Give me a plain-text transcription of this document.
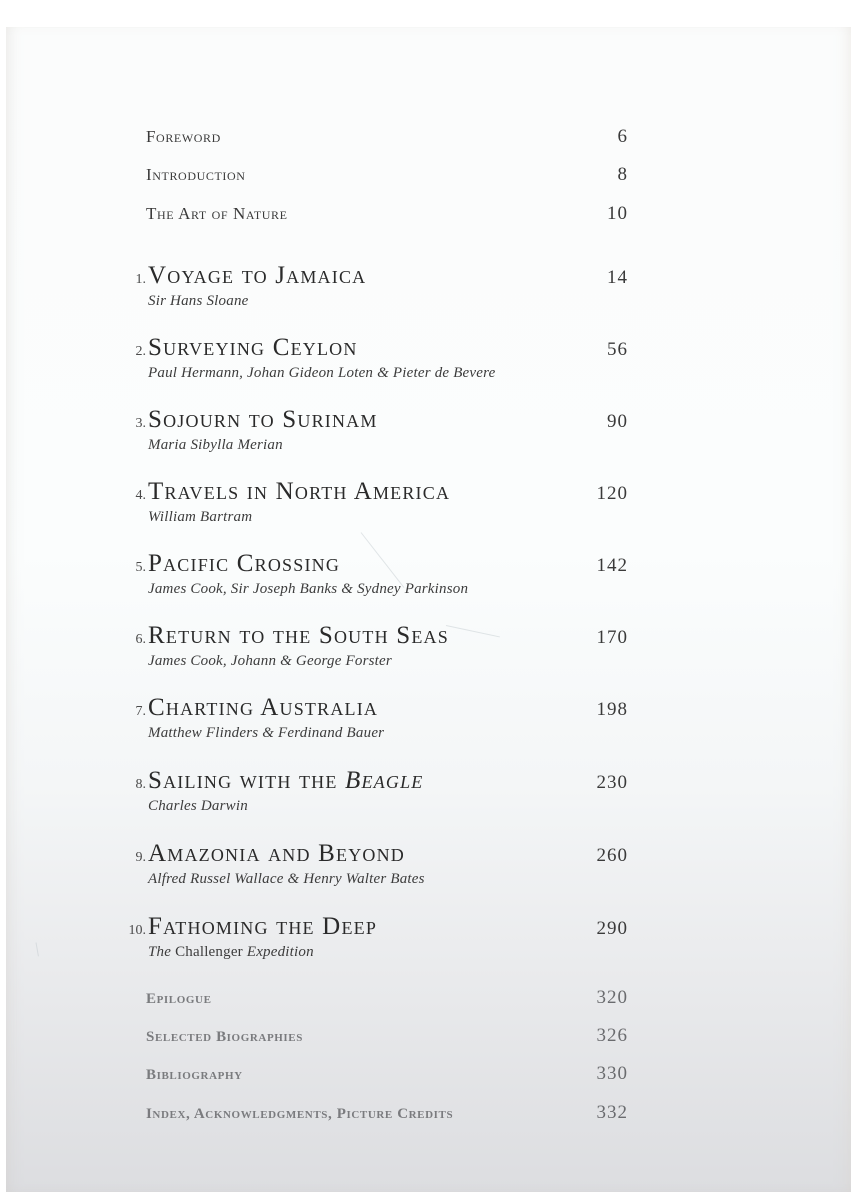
Foreword	6
Introduction	8
The Art of Nature	10
1. Voyage to Jamaica	14
Sir Hans Sloane
2. Surveying Ceylon	56
Paul Hermann, Johan Gideon Loten & Pieter de Bevere
3. Sojourn to Surinam	90
Maria Sibylla Merian
4. Travels in North America	120
William Bartram
5. Pacific Crossing	142
James Cook, Sir Joseph Banks & Sydney Parkinson
6. Return to the South Seas	170
James Cook, Johann & George Forster
7. Charting Australia	198
Matthew Flinders & Ferdinand Bauer
8. Sailing with the Beagle	230
Charles Darwin
9. Amazonia and Beyond	260
Alfred Russel Wallace & Henry Walter Bates
10. Fathoming the Deep	290
The Challenger Expedition
Epilogue	320
Selected Biographies	326
Bibliography	330
Index, Acknowledgments, Picture Credits	332
